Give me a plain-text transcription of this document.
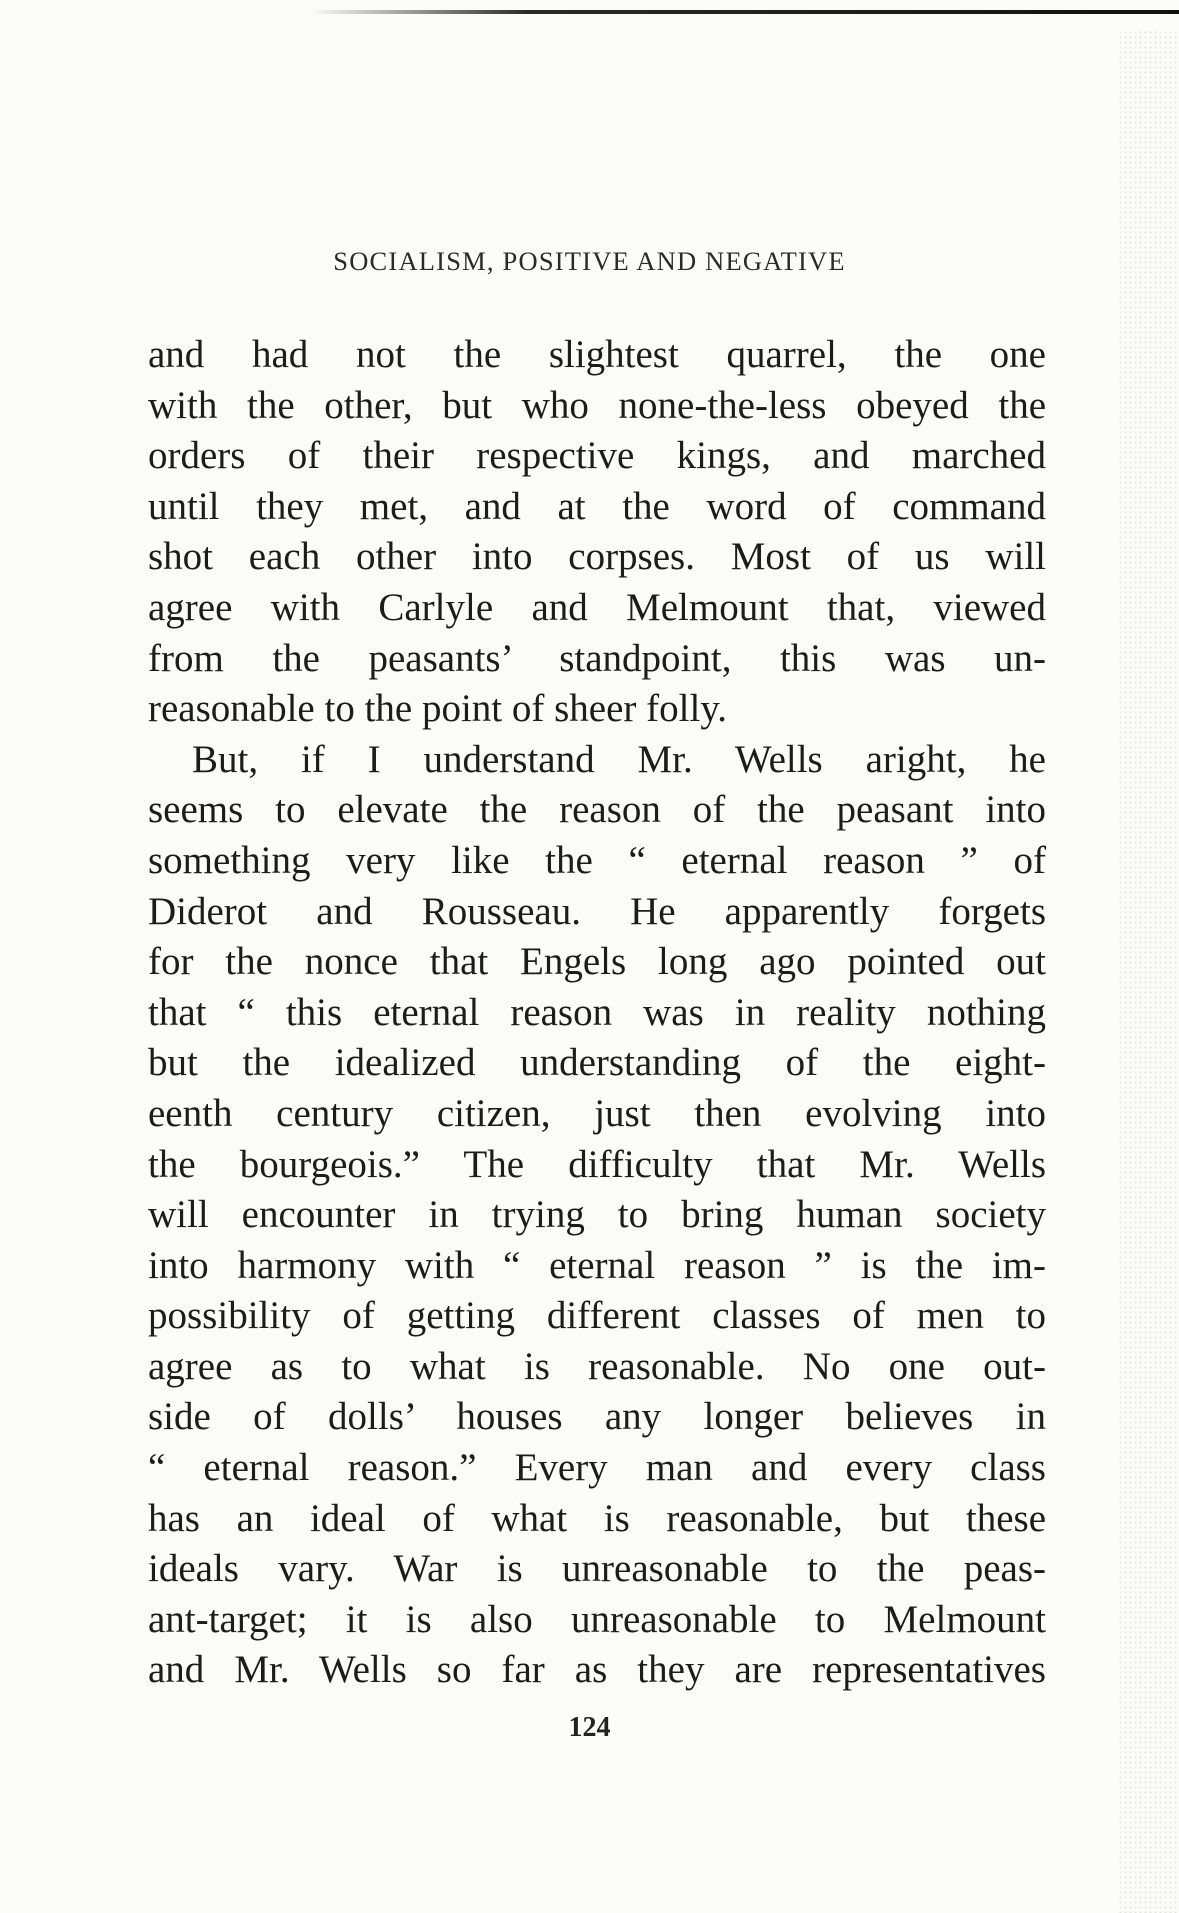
SOCIALISM, POSITIVE AND NEGATIVE
and had not the slightest quarrel, the one
with the other, but who none-the-less obeyed the
orders of their respective kings, and marched
until they met, and at the word of command
shot each other into corpses. Most of us will
agree with Carlyle and Melmount that, viewed
from the peasants’ standpoint, this was un-
reasonable to the point of sheer folly.
But, if I understand Mr. Wells aright, he
seems to elevate the reason of the peasant into
something very like the “ eternal reason ” of
Diderot and Rousseau. He apparently forgets
for the nonce that Engels long ago pointed out
that “ this eternal reason was in reality nothing
but the idealized understanding of the eight-
eenth century citizen, just then evolving into
the bourgeois.” The difficulty that Mr. Wells
will encounter in trying to bring human society
into harmony with “ eternal reason ” is the im-
possibility of getting different classes of men to
agree as to what is reasonable. No one out-
side of dolls’ houses any longer believes in
“ eternal reason.” Every man and every class
has an ideal of what is reasonable, but these
ideals vary. War is unreasonable to the peas-
ant-target; it is also unreasonable to Melmount
and Mr. Wells so far as they are representatives
124
